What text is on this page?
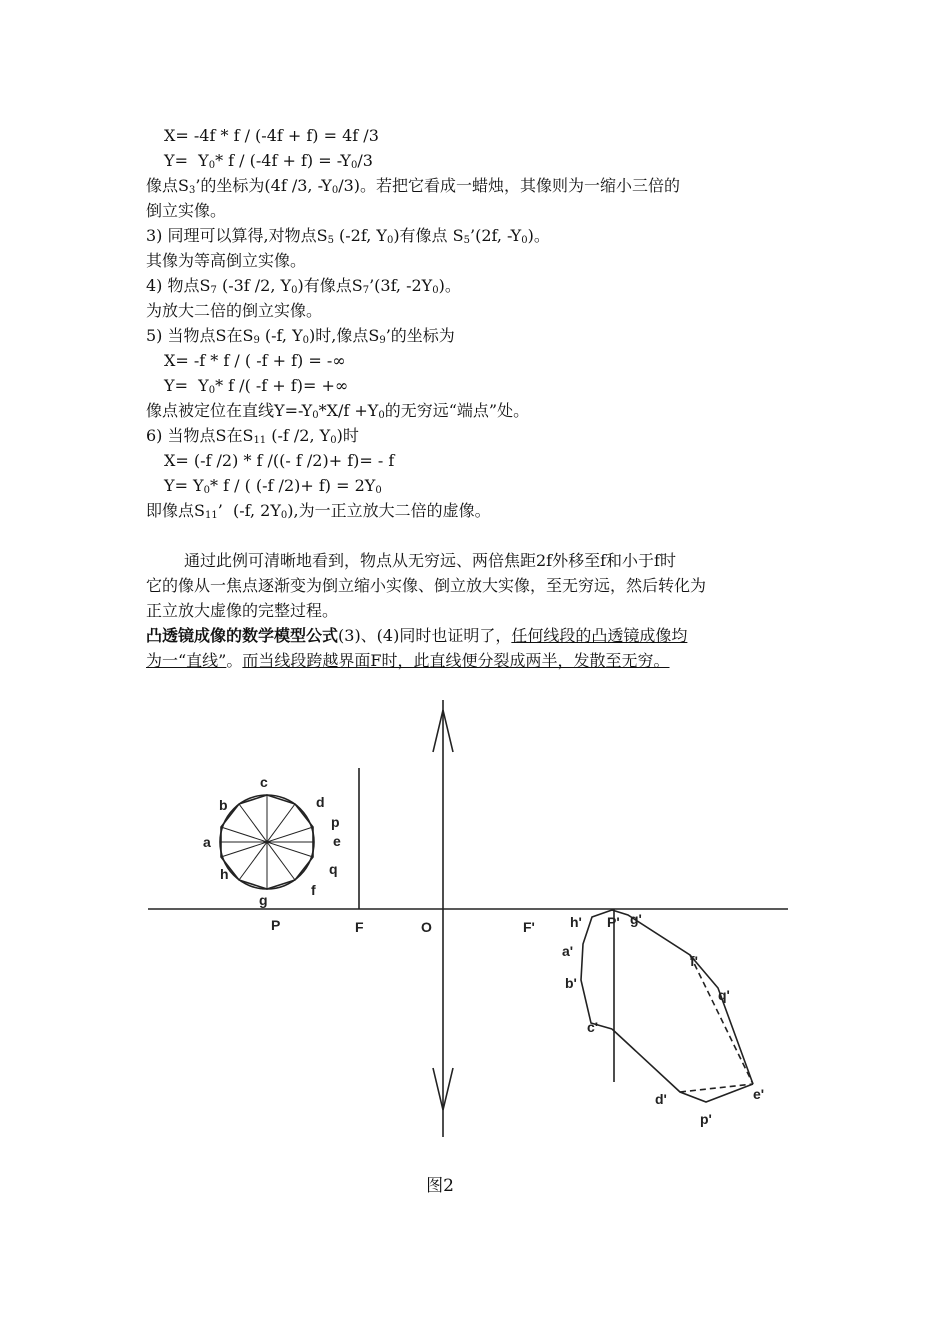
X= -4f * f / (-4f + f) = 4f /3
$Y= Y_0*$ $f / (-4f + f) = -Y_0/3$
像点$S_3$’的坐标为(4f /3, $-Y_0/3$)。若把它看成一蜡烛，其像则为一缩小三倍的
倒立实像。
3) 同理可以算得,对物点$S_5$ (-2f, $Y_0$)有像点 $S_5’(2f$, $-Y_0$)。
其像为等高倒立实像。
4) 物点$S_7$ (-3f /2, $Y_0$)有像点$S_7’(3f$, $-2Y_0$)。
为放大二倍的倒立实像。
5) 当物点S在$S_9$ (-f, $Y_0$)时,像点$S_9$’的坐标为
X= -f * f / ( -f + f) = -∞
$Y= Y_0*$ f /( -f + f)= +∞
像点被定位在直线$Y=-Y_0*X/f +Y_0$的无穷远“端点”处。
6) 当物点S在$S_{11}$ (-f /2, $Y_0$)时
X= (-f /2) * f /((- f /2)+ f)= - f
$Y= Y_0*$ f / ( (-f $/2)+ f) = 2Y_0$
即像点$S_{11}$’  (-f, $2Y_0$),为一正立放大二倍的虚像。
通过此例可清晰地看到，物点从无穷远、两倍焦距2f外移至f和小于f时
它的像从一焦点逐渐变为倒立缩小实像、倒立放大实像，至无穷远，然后转化为
正立放大虚像的完整过程。
凸透镜成像的数学模型公式(3)、(4)同时也证明了，任何线段的凸透镜成像均
为一“直线”。而当线段跨越界面F时，此直线便分裂成两半，发散至无穷。
P	F	O	F'
c
d
p
e
q
f
g
h
a
b
h' P' g'
a'
b'
c'
f'
q'
d'	e'
p'
图2
